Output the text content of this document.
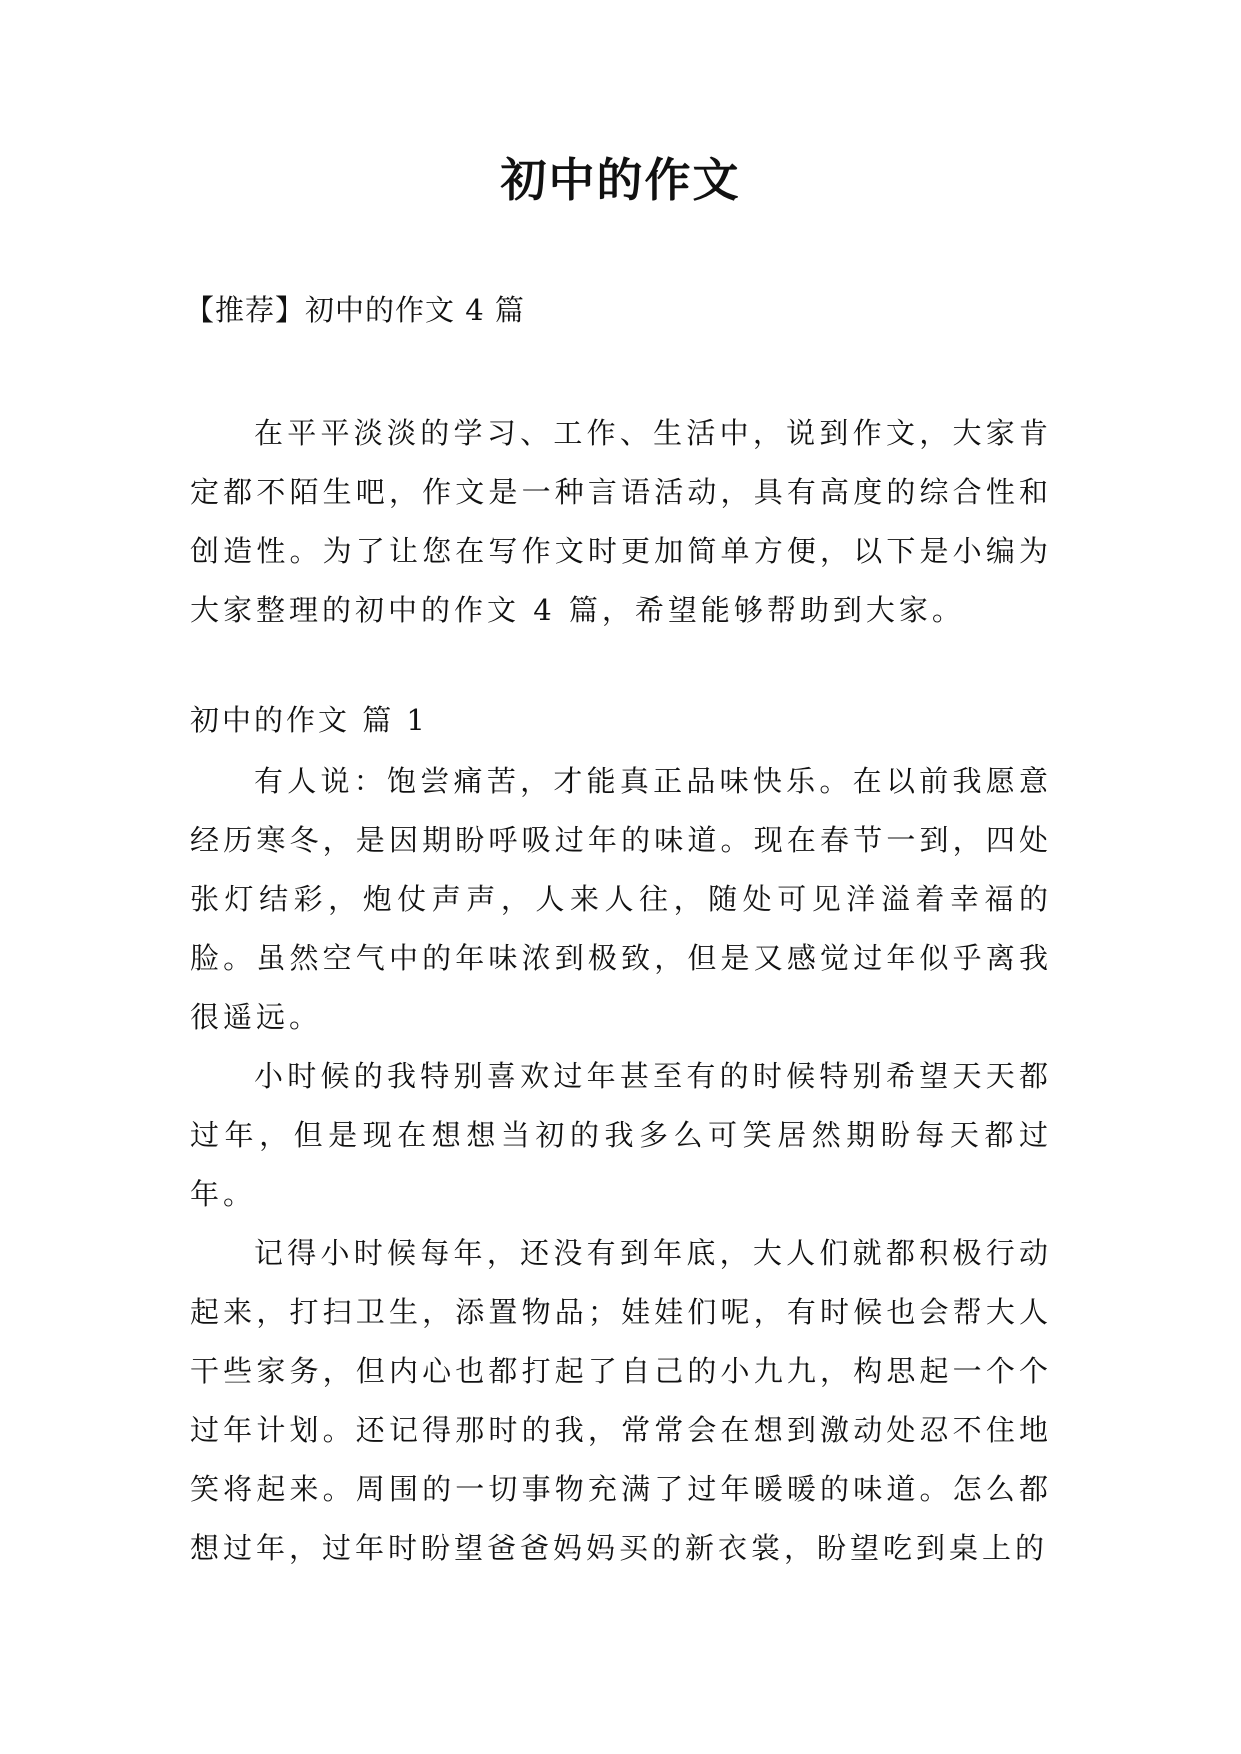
初中的作文
【推荐】初中的作文 4 篇

在平平淡淡的学习、工作、生活中，说到作文，大家肯定都不陌生吧，作文是一种言语活动，具有高度的综合性和创造性。为了让您在写作文时更加简单方便，以下是小编为大家整理的初中的作文 4 篇，希望能够帮助到大家。

初中的作文 篇 1

有人说：饱尝痛苦，才能真正品味快乐。在以前我愿意经历寒冬，是因期盼呼吸过年的味道。现在春节一到，四处张灯结彩，炮仗声声，人来人往，随处可见洋溢着幸福的脸。虽然空气中的年味浓到极致，但是又感觉过年似乎离我很遥远。

小时候的我特别喜欢过年甚至有的时候特别希望天天都过年，但是现在想想当初的我多么可笑居然期盼每天都过年。

记得小时候每年，还没有到年底，大人们就都积极行动起来，打扫卫生，添置物品；娃娃们呢，有时候也会帮大人干些家务，但内心也都打起了自己的小九九，构思起一个个过年计划。还记得那时的我，常常会在想到激动处忍不住地笑将起来。周围的一切事物充满了过年暖暖的味道。怎么都想过年，过年时盼望爸爸妈妈买的新衣裳，盼望吃到桌上的
